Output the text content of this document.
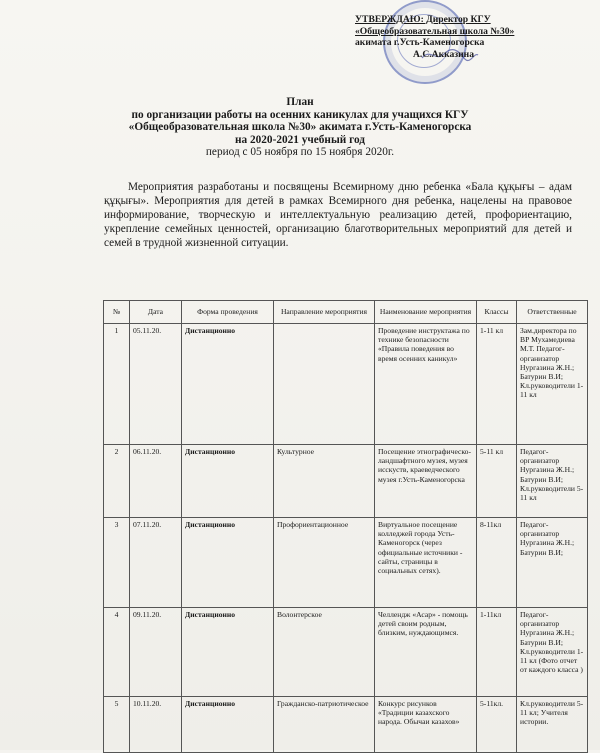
УТВЕРЖДАЮ: Директор КГУ
«Общеобразовательная школа №30»
акимата г.Усть-Каменогорска
А.С.Акказина
План
по организации работы на осенних каникулах для учащихся КГУ
«Общеобразовательная школа №30» акимата г.Усть-Каменогорска
на 2020-2021 учебный год
период с 05 ноября по 15 ноября 2020г.

Мероприятия разработаны и посвящены Всемирному дню ребенка «Бала құқығы – адам құқығы». Мероприятия для детей в рамках Всемирного дня ребенка, нацелены на правовое информирование, творческую и интеллектуальную реализацию детей, профориентацию, укрепление семейных ценностей, организацию благотворительных мероприятий для детей и семей в трудной жизненной ситуации.

№	Дата	Форма проведения	Направление мероприятия	Наименование мероприятия	Классы	Ответственные
1	05.11.20.	Дистанционно		Проведение инструктажа по технике безопасности «Правила поведения во время осенних каникул»	1-11 кл	Зам.директора по ВР Мухамедиева М.Т. Педагог-организатор Нургазина Ж.Н.; Батурин В.И; Кл.руководители 1-11 кл
2	06.11.20.	Дистанционно	Культурное	Посещение этнографическо-ландшафтного музея, музея исскуств, краеведческого музея г.Усть-Каменогорска	5-11 кл	Педагог-организатор Нургазина Ж.Н.; Батурин В.И; Кл.руководители 5-11 кл
3	07.11.20.	Дистанционно	Профориентационное	Виртуальное посещение колледжей города Усть-Каменогорск (через официальные источники - сайты, страницы в социальных сетях).	8-11кл	Педагог-организатор Нургазина Ж.Н.; Батурин В.И;
4	09.11.20.	Дистанционно	Волонтерское	Челлендж «Асар» - помощь детей своим родным, близким, нуждающимся.	1-11кл	Педагог-организатор Нургазина Ж.Н.; Батурин В.И; Кл.руководители 1-11 кл (Фото отчет от каждого класса )
5	10.11.20.	Дистанционно	Гражданско-патриотическое	Конкурс рисунков «Традиции казахского народа. Обычаи казахов»	5-11кл.	Кл.руководители 5-11 кл; Учителя истории.
